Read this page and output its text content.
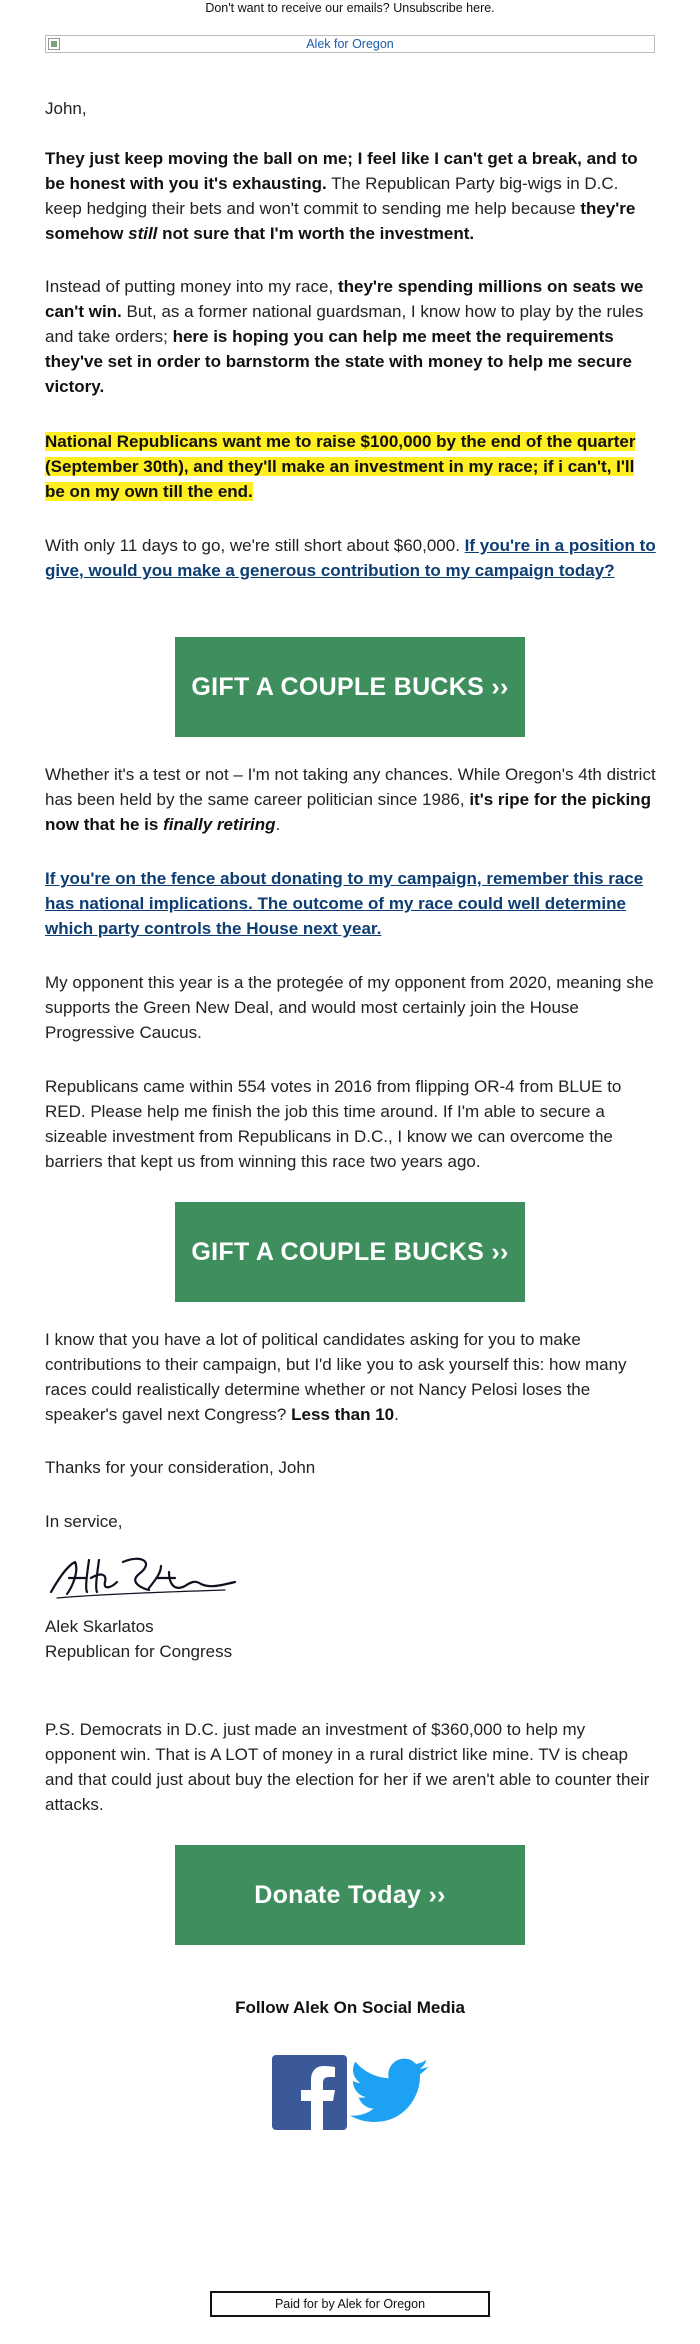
Don't want to receive our emails? Unsubscribe here.
Alek for Oregon
John,
They just keep moving the ball on me; I feel like I can't get a break, and to be honest with you it's exhausting. The Republican Party big-wigs in D.C. keep hedging their bets and won't commit to sending me help because they're somehow still not sure that I'm worth the investment.
Instead of putting money into my race, they're spending millions on seats we can't win. But, as a former national guardsman, I know how to play by the rules and take orders; here is hoping you can help me meet the requirements they've set in order to barnstorm the state with money to help me secure victory.
National Republicans want me to raise $100,000 by the end of the quarter (September 30th), and they'll make an investment in my race; if i can't, I'll be on my own till the end.
With only 11 days to go, we're still short about $60,000. If you're in a position to give, would you make a generous contribution to my campaign today?
GIFT A COUPLE BUCKS ››
Whether it's a test or not – I'm not taking any chances. While Oregon's 4th district has been held by the same career politician since 1986, it's ripe for the picking now that he is finally retiring.
If you're on the fence about donating to my campaign, remember this race has national implications. The outcome of my race could well determine which party controls the House next year.
My opponent this year is a the protegée of my opponent from 2020, meaning she supports the Green New Deal, and would most certainly join the House Progressive Caucus.
Republicans came within 554 votes in 2016 from flipping OR-4 from BLUE to RED. Please help me finish the job this time around. If I'm able to secure a sizeable investment from Republicans in D.C., I know we can overcome the barriers that kept us from winning this race two years ago.
GIFT A COUPLE BUCKS ››
I know that you have a lot of political candidates asking for you to make contributions to their campaign, but I'd like you to ask yourself this: how many races could realistically determine whether or not Nancy Pelosi loses the speaker's gavel next Congress? Less than 10.
Thanks for your consideration, John
In service,
Alek Skarlatos
Republican for Congress
P.S. Democrats in D.C. just made an investment of $360,000 to help my opponent win. That is A LOT of money in a rural district like mine. TV is cheap and that could just about buy the election for her if we aren't able to counter their attacks.
Donate Today ››
Follow Alek On Social Media
Paid for by Alek for Oregon
